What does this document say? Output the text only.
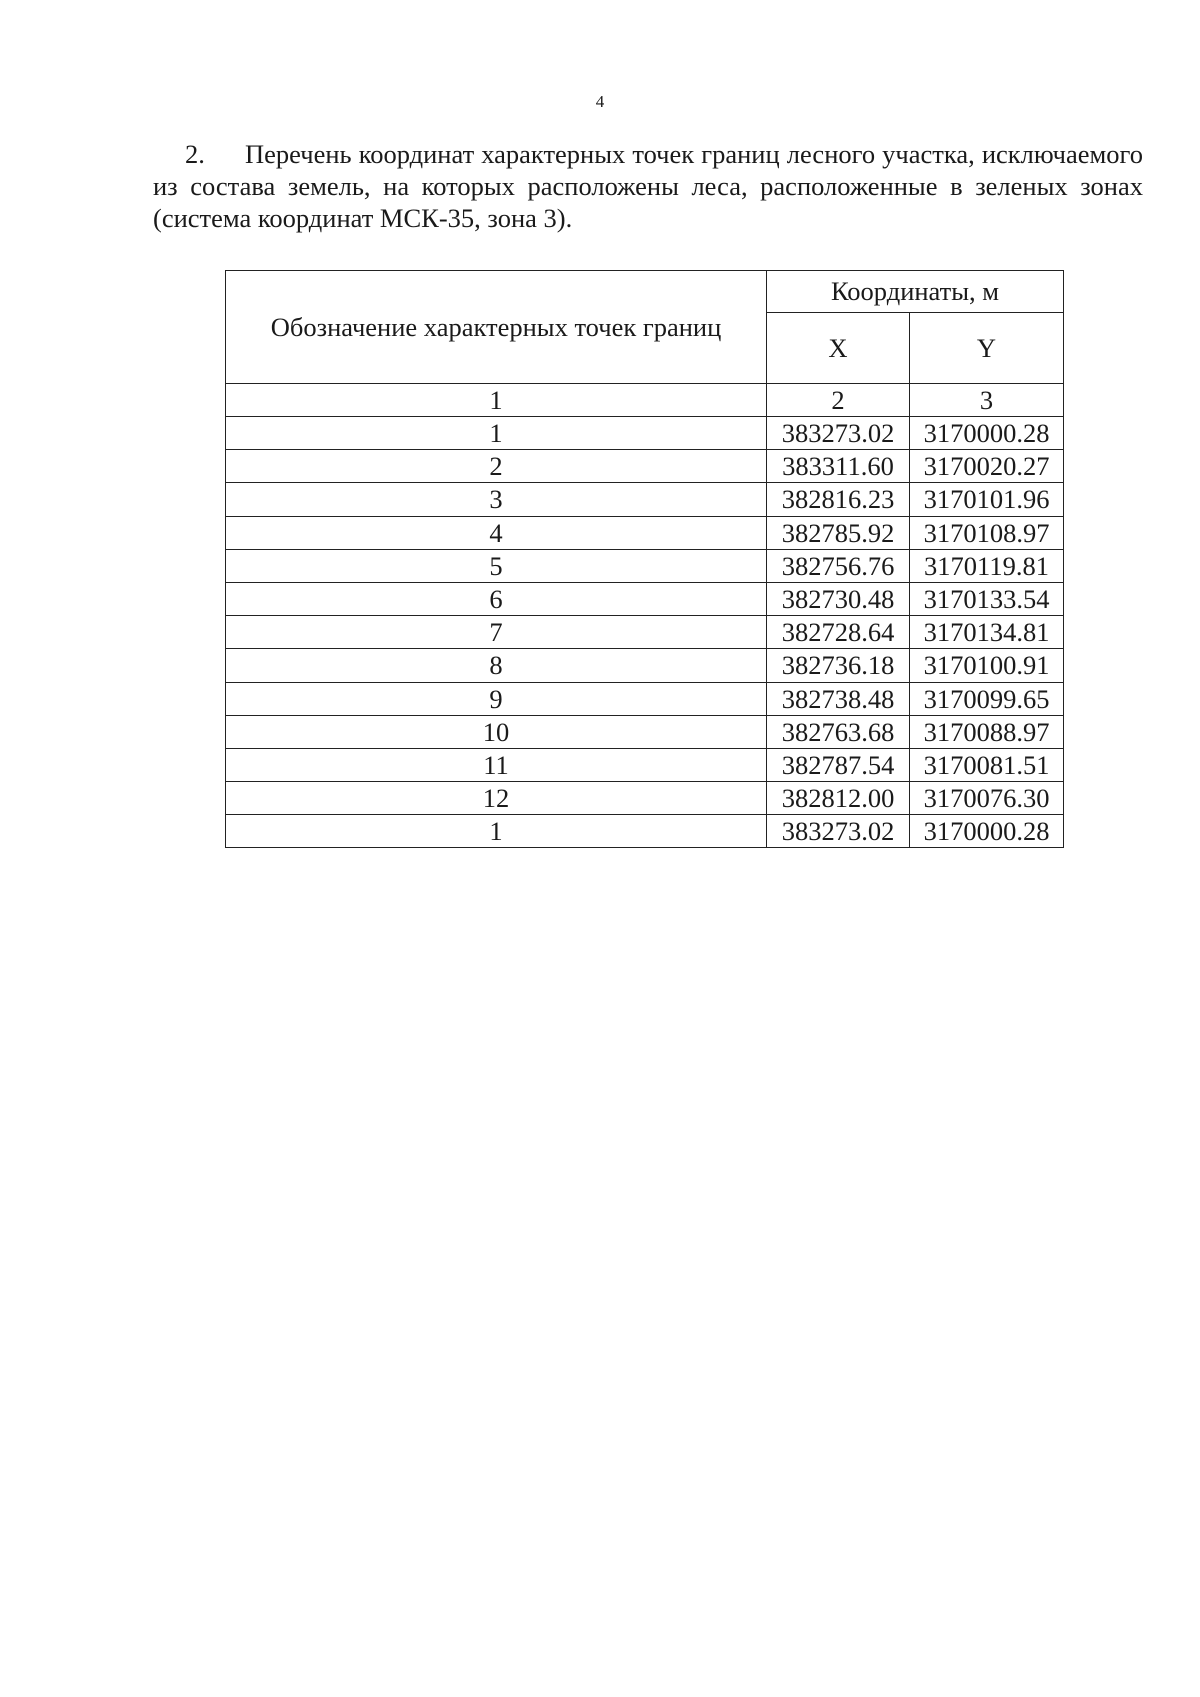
4
2. Перечень координат характерных точек границ лесного участка, исключаемого из состава земель, на которых расположены леса, расположенные в зеленых зонах (система координат МСК-35, зона 3).
Обозначение характерных точек границ	Координаты, м	
	X	Y
1	2	3
1	383273.02	3170000.28
2	383311.60	3170020.27
3	382816.23	3170101.96
4	382785.92	3170108.97
5	382756.76	3170119.81
6	382730.48	3170133.54
7	382728.64	3170134.81
8	382736.18	3170100.91
9	382738.48	3170099.65
10	382763.68	3170088.97
11	382787.54	3170081.51
12	382812.00	3170076.30
1	383273.02	3170000.28
